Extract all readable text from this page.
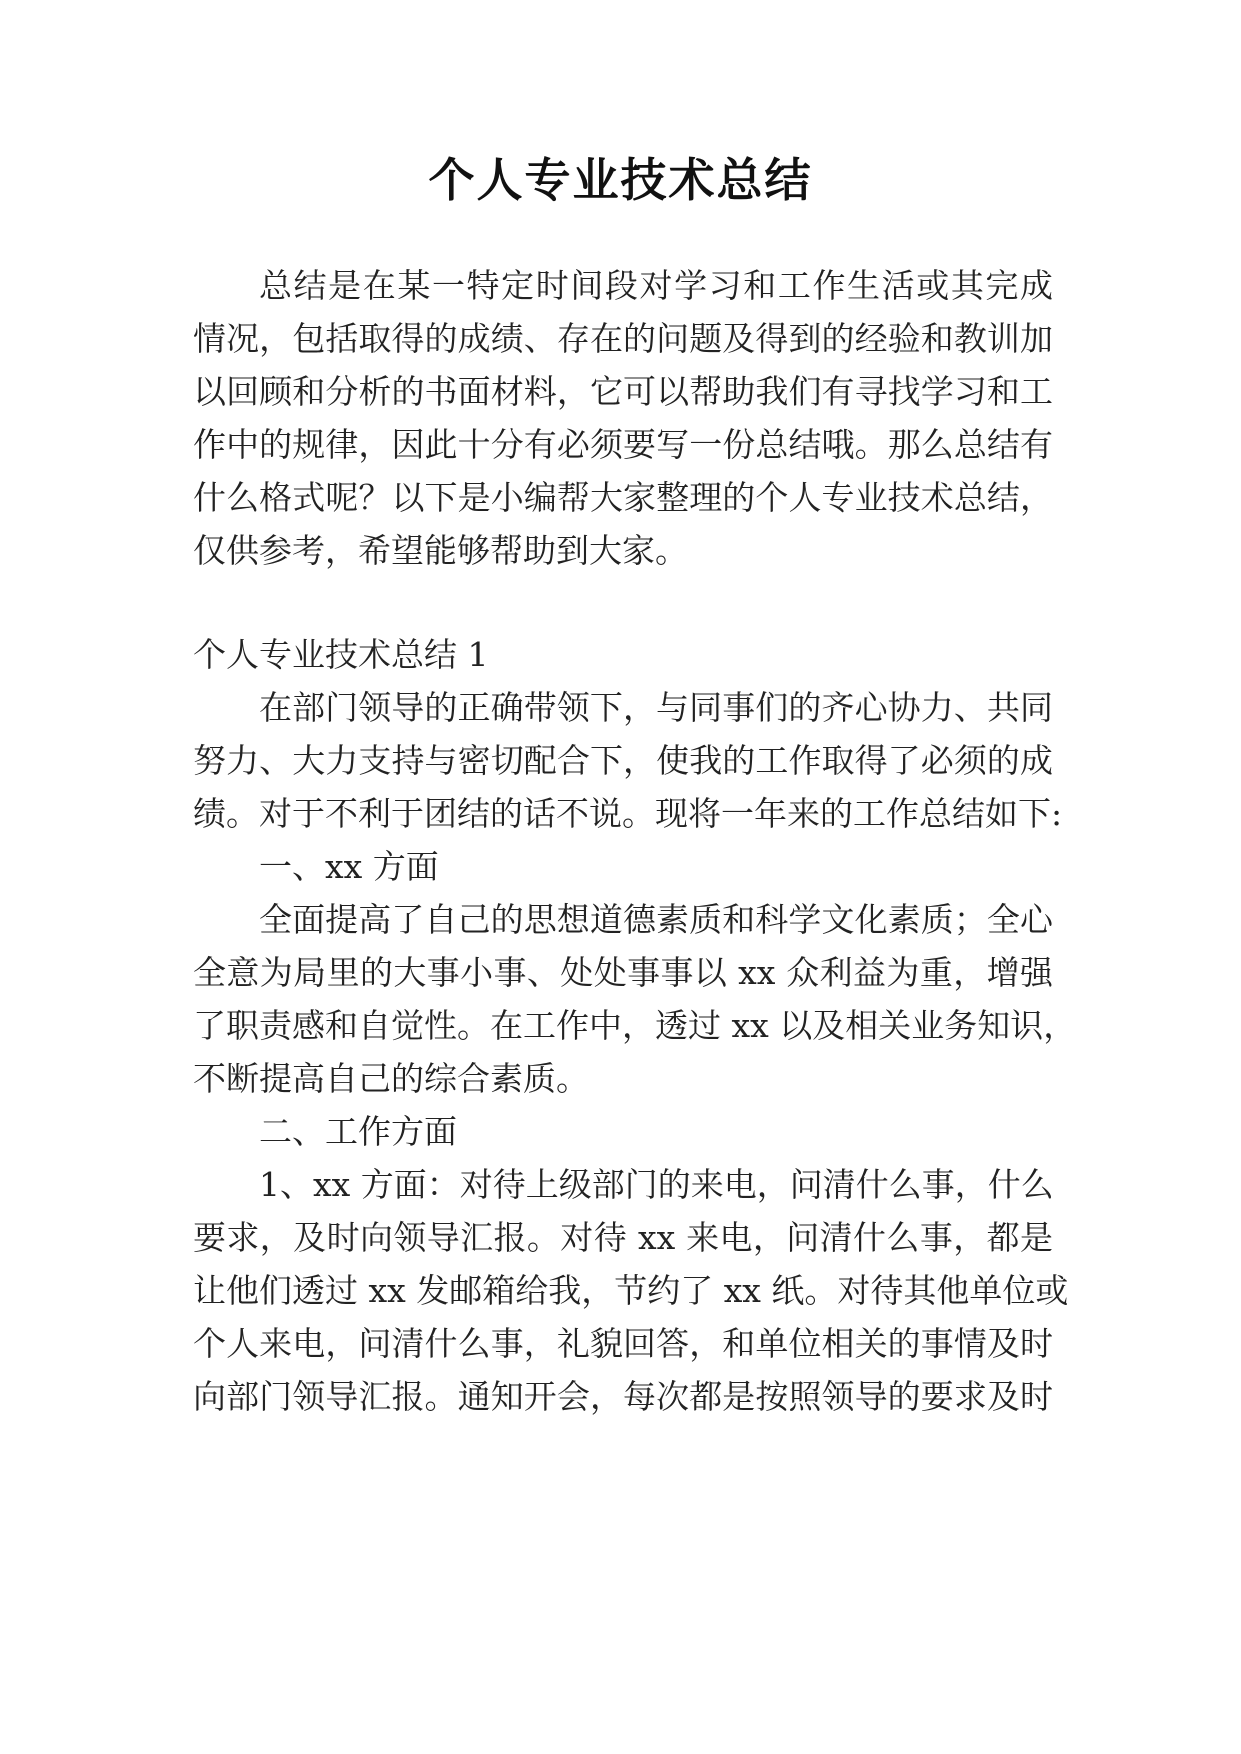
个人专业技术总结

总结是在某一特定时间段对学习和工作生活或其完成

情况，包括取得的成绩、存在的问题及得到的经验和教训加

以回顾和分析的书面材料，它可以帮助我们有寻找学习和工

作中的规律，因此十分有必须要写一份总结哦。那么总结有

什么格式呢？以下是小编帮大家整理的个人专业技术总结，

仅供参考，希望能够帮助到大家。

个人专业技术总结 1

在部门领导的正确带领下，与同事们的齐心协力、共同

努力、大力支持与密切配合下，使我的工作取得了必须的成

绩。对于不利于团结的话不说。现将一年来的工作总结如下:

一、xx 方面

全面提高了自己的思想道德素质和科学文化素质；全心

全意为局里的大事小事、处处事事以 xx 众利益为重，增强

了职责感和自觉性。在工作中，透过 xx 以及相关业务知识，

不断提高自己的综合素质。

二、工作方面

1、xx 方面：对待上级部门的来电，问清什么事，什么

要求，及时向领导汇报。对待 xx 来电，问清什么事，都是

让他们透过 xx 发邮箱给我，节约了 xx 纸。对待其他单位或

个人来电，问清什么事，礼貌回答，和单位相关的事情及时

向部门领导汇报。通知开会，每次都是按照领导的要求及时
